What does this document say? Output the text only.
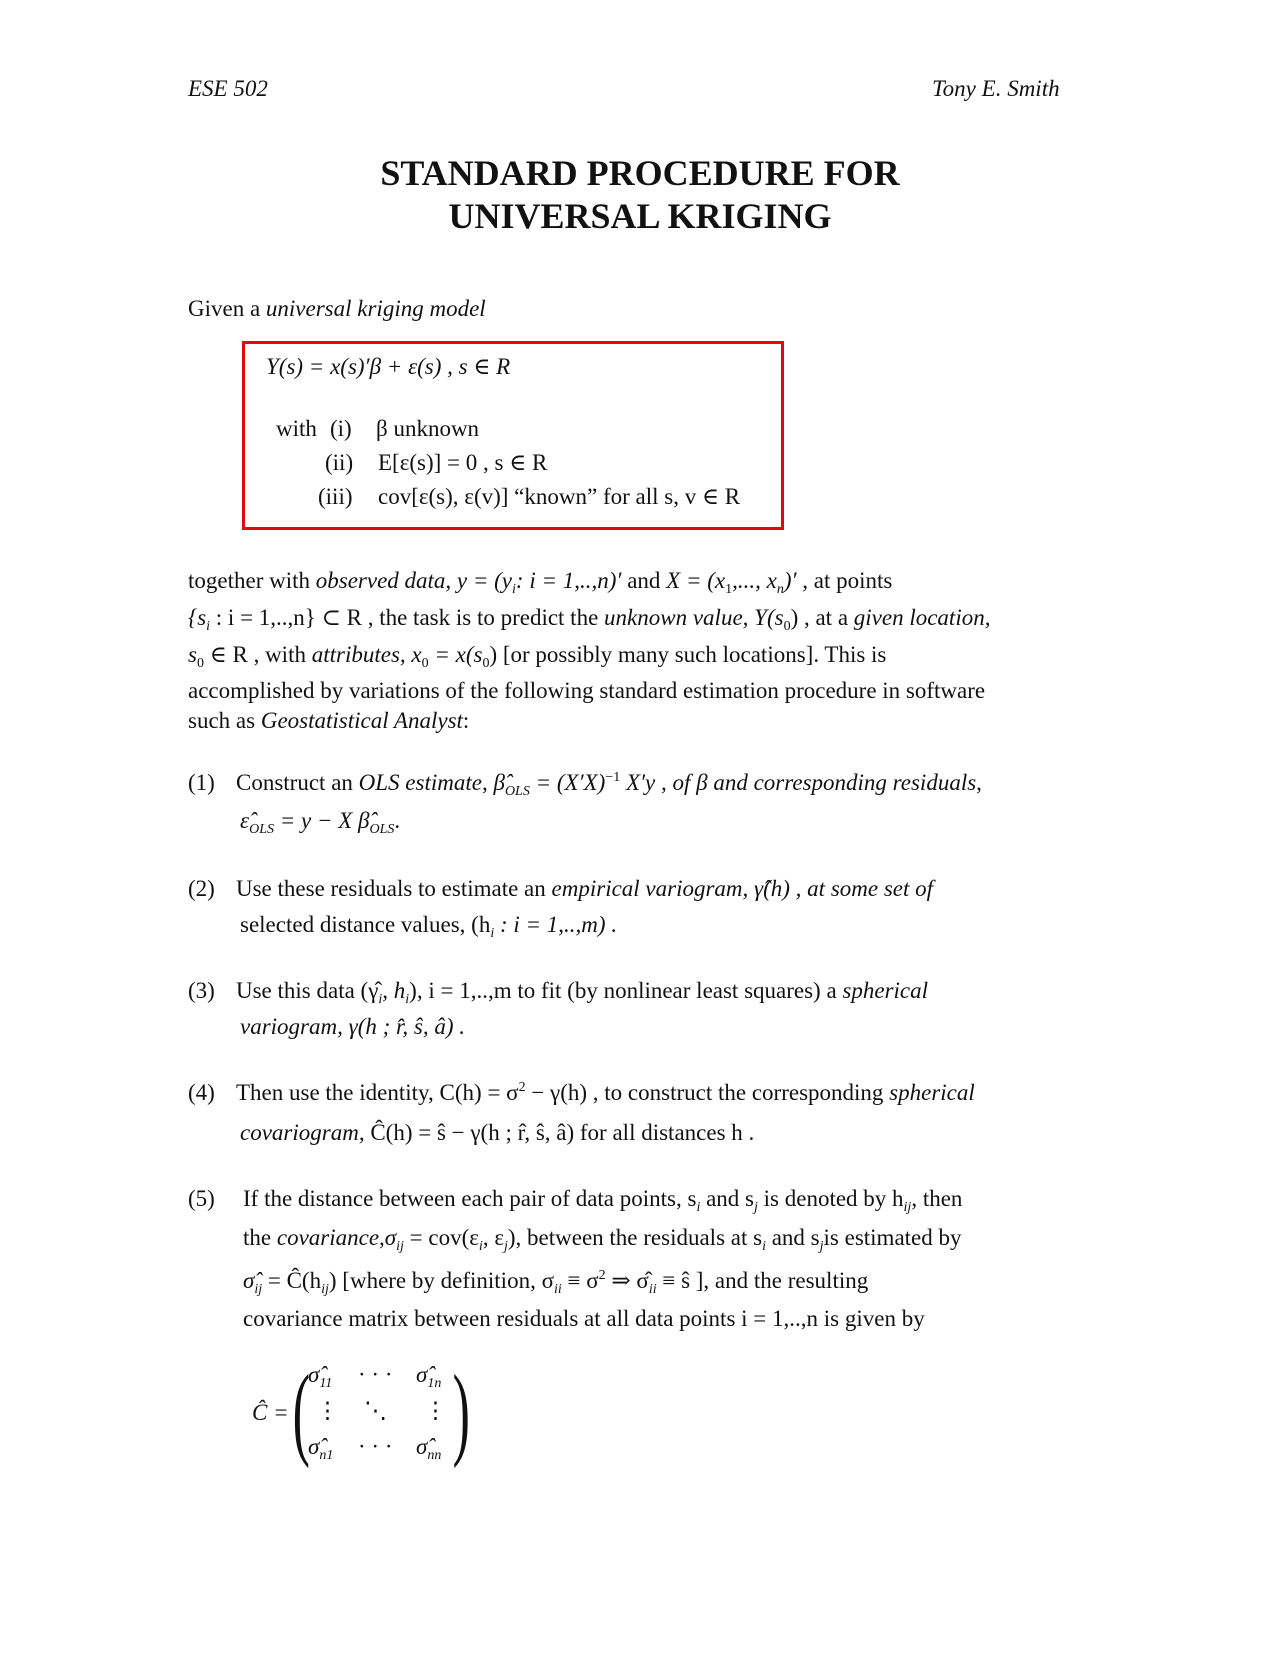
ESE 502	Tony E. Smith
STANDARD PROCEDURE FOR
UNIVERSAL KRIGING
Given a universal kriging model
Y(s) = x(s)′β + ε(s) , s ∈ R
with (i) β unknown
(ii) E[ε(s)] = 0 , s ∈ R
(iii) cov[ε(s), ε(v)] “known” for all s, v ∈ R
together with observed data, $y = (y_i$: i = 1,..,n)′ and $X = (x_1$,..., $x_n)'$ , at points
{$s_i$ : i = 1,..,n} ⊂ R , the task is to predict the unknown value, $Y(s_0)$ , at a given location,
$s_0$ ∈ R , with attributes, $x_0 = x(s_0)$ [or possibly many such locations]. This is
accomplished by variations of the following standard estimation procedure in software
such as Geostatistical Analyst:
(1) Construct an OLS estimate, $\betâ_{OLS} = (X'X)^{-1}$ X′y , of β and corresponding residuals,
$\varepsilon̂_{OLS} = y - X$ $\betâ_{OLS}$.
(2) Use these residuals to estimate an empirical variogram, γ̂(h) , at some set of
selected distance values, ($h_i$ : i = 1,..,m) .
(3) Use this data ($\gammâ_i$, $h_i$), i = 1,..,m to fit (by nonlinear least squares) a spherical
variogram, γ(h ; r̂, ŝ, â) .
(4) Then use the identity, $C(h) = \sigma^2 - \gamma(h)$ , to construct the corresponding spherical
covariogram, Ĉ(h) = ŝ − γ(h ; r̂, ŝ, â) for all distances h .
(5)	If the distance between each pair of data points, $s_i$ and $s_j$ is denoted by $h_{ij}$, then
the $covariance,\sigma_{ij} = cov(\varepsilon_i$, $\varepsilon_j$), between the residuals at $s_i$ and $s_jis$ estimated by
$\sigmâ_{ij}$ = $Ĉ(h_{ij})$ [where by definition, $\sigma_{ii} \equiv \sigma^2$ ⇒ $\sigmâ_{ii}$ ≡ ŝ ], and the resulting
covariance matrix between residuals at all data points i = 1,..,n is given by
Ĉ = ( )
$\sigmâ_{11}$ · · · $\sigmâ_{1n}$
⋮ ⋱ ⋮
$\sigmâ_{n1}$ · · · $\sigmâ_{nn}$
